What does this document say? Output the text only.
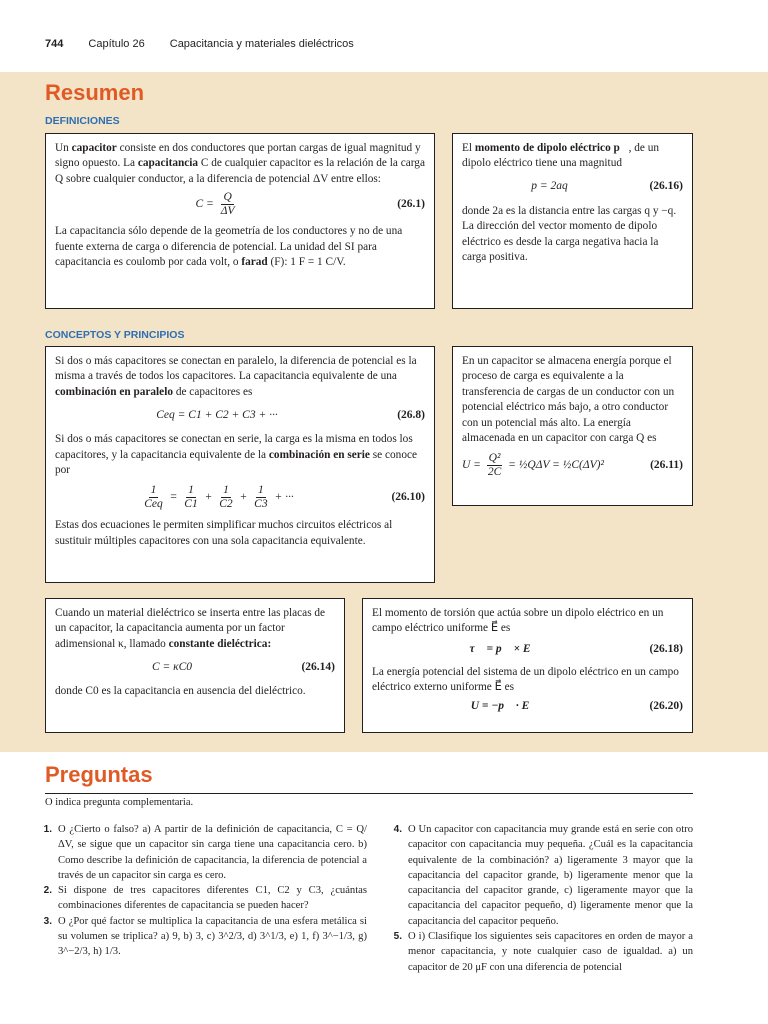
744 Capítulo 26 Capacitancia y materiales dieléctricos
Resumen
DEFINICIONES

Un capacitor consiste en dos conductores que portan cargas de igual magnitud y signo opuesto. La capacitancia C de cualquier capacitor es la relación de la carga Q sobre cualquier conductor, a la diferencia de potencial ΔV entre ellos:

$C = \frac{Q}{\Delta V}$	(26.1)

La capacitancia sólo depende de la geometría de los conductores y no de una fuente externa de carga o diferencia de potencial. La unidad del SI para capacitancia es coulomb por cada volt, o farad (F): 1 F = 1 C/V.

El momento de dipolo eléctrico p⃗, de un dipolo eléctrico tiene una magnitud

p = 2aq	(26.16)

donde 2a es la distancia entre las cargas q y −q. La dirección del vector momento de dipolo eléctrico es desde la carga negativa hacia la carga positiva.

CONCEPTOS Y PRINCIPIOS

Si dos o más capacitores se conectan en paralelo, la diferencia de potencial es la misma a través de todos los capacitores. La capacitancia equivalente de una combinación en paralelo de capacitores es

Ceq = C1 + C2 + C3 + ···	(26.8)

Si dos o más capacitores se conectan en serie, la carga es la misma en todos los capacitores, y la capacitancia equivalente de la combinación en serie se conoce por

$\frac{1}{\text{Ceq}} = \frac{1}{C1} + \frac{1}{C2} + \frac{1}{C3}$ + ···	(26.10)

Estas dos ecuaciones le permiten simplificar muchos circuitos eléctricos al sustituir múltiples capacitores con una sola capacitancia equivalente.

En un capacitor se almacena energía porque el proceso de carga es equivalente a la transferencia de cargas de un conductor con un potencial eléctrico más bajo, a otro conductor con un potencial más alto. La energía almacenada en un capacitor con carga Q es

$U = \frac{\text{Q²}}{2C}$ = ½QΔV = ½C(ΔV)²	(26.11)

Cuando un material dieléctrico se inserta entre las placas de un capacitor, la capacitancia aumenta por un factor adimensional κ, llamado constante dieléctrica:

C = κC0	(26.14)

donde C0 es la capacitancia en ausencia del dieléctrico.

El momento de torsión que actúa sobre un dipolo eléctrico en un campo eléctrico uniforme E⃗ es

τ⃗ = p⃗ × E⃗	(26.18)

La energía potencial del sistema de un dipolo eléctrico en un campo eléctrico externo uniforme E⃗ es

U = −p⃗ · E⃗	(26.20)
Preguntas
O indica pregunta complementaria.
1. O ¿Cierto o falso? a) A partir de la definición de capacitancia, C = Q/ΔV, se sigue que un capacitor sin carga tiene una capacitancia cero. b) Como describe la definición de capacitancia, la diferencia de potencial a través de un capacitor sin carga es cero.
2. Si dispone de tres capacitores diferentes C1, C2 y C3, ¿cuántas combinaciones diferentes de capacitancia se pueden hacer?
3. O ¿Por qué factor se multiplica la capacitancia de una esfera metálica si su volumen se triplica? a) 9, b) 3, c) 3^2/3, d) 3^1/3, e) 1, f) 3^−1/3, g) 3^−2/3, h) 1/3.
4. O Un capacitor con capacitancia muy grande está en serie con otro capacitor con capacitancia muy pequeña. ¿Cuál es la capacitancia equivalente de la combinación? a) ligeramente 3 mayor que la capacitancia del capacitor grande, b) ligeramente menor que la capacitancia del capacitor grande, c) ligeramente mayor que la capacitancia del capacitor pequeño, d) ligeramente menor que la capacitancia del capacitor pequeño.
5. O i) Clasifique los siguientes seis capacitores en orden de mayor a menor capacitancia, y note cualquier caso de igualdad. a) un capacitor de 20 μF con una diferencia de potencial
